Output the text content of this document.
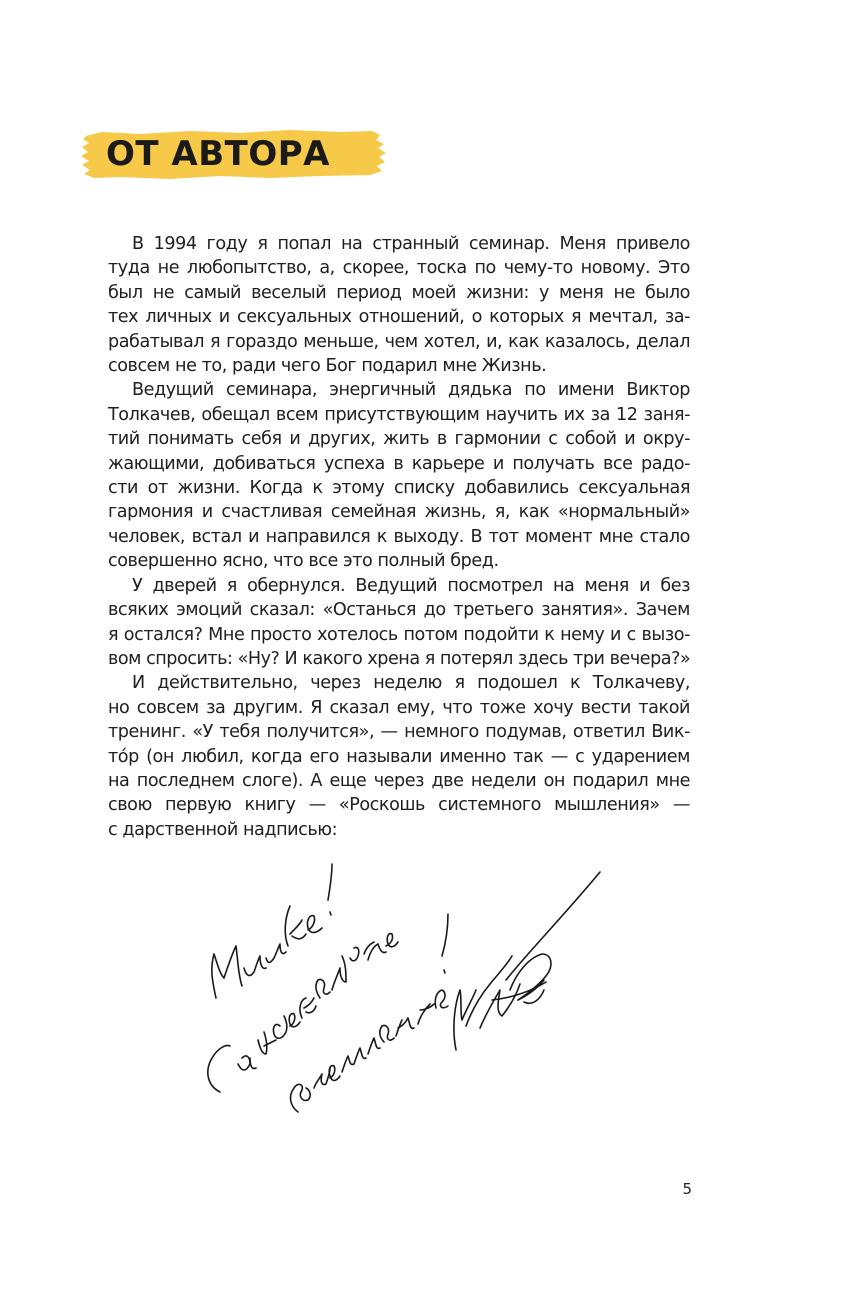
ОТ АВТОРА

В 1994 году я попал на странный семинар. Меня привело
туда не любопытство, а, скорее, тоска по чему-то новому. Это
был не самый веселый период моей жизни: у меня не было
тех личных и сексуальных отношений, о которых я мечтал, за-
рабатывал я гораздо меньше, чем хотел, и, как казалось, делал
совсем не то, ради чего Бог подарил мне Жизнь.

Ведущий семинара, энергичный дядька по имени Виктор
Толкачев, обещал всем присутствующим научить их за 12 заня-
тий понимать себя и других, жить в гармонии с собой и окру-
жающими, добиваться успеха в карьере и получать все радо-
сти от жизни. Когда к этому списку добавились сексуальная
гармония и счастливая семейная жизнь, я, как «нормальный»
человек, встал и направился к выходу. В тот момент мне стало
совершенно ясно, что все это полный бред.

У дверей я обернулся. Ведущий посмотрел на меня и без
всяких эмоций сказал: «Останься до третьего занятия». Зачем
я остался? Мне просто хотелось потом подойти к нему и с вызо-
вом спросить: «Ну? И какого хрена я потерял здесь три вечера?»

И действительно, через неделю я подошел к Толкачеву,
но совсем за другим. Я сказал ему, что тоже хочу вести такой
тренинг. «У тебя получится», — немного подумав, ответил Вик-
то́р (он любил, когда его называли именно так — с ударением
на последнем слоге). А еще через две недели он подарил мне
свою первую книгу — «Роскошь системного мышления» —
с дарственной надписью:

5
